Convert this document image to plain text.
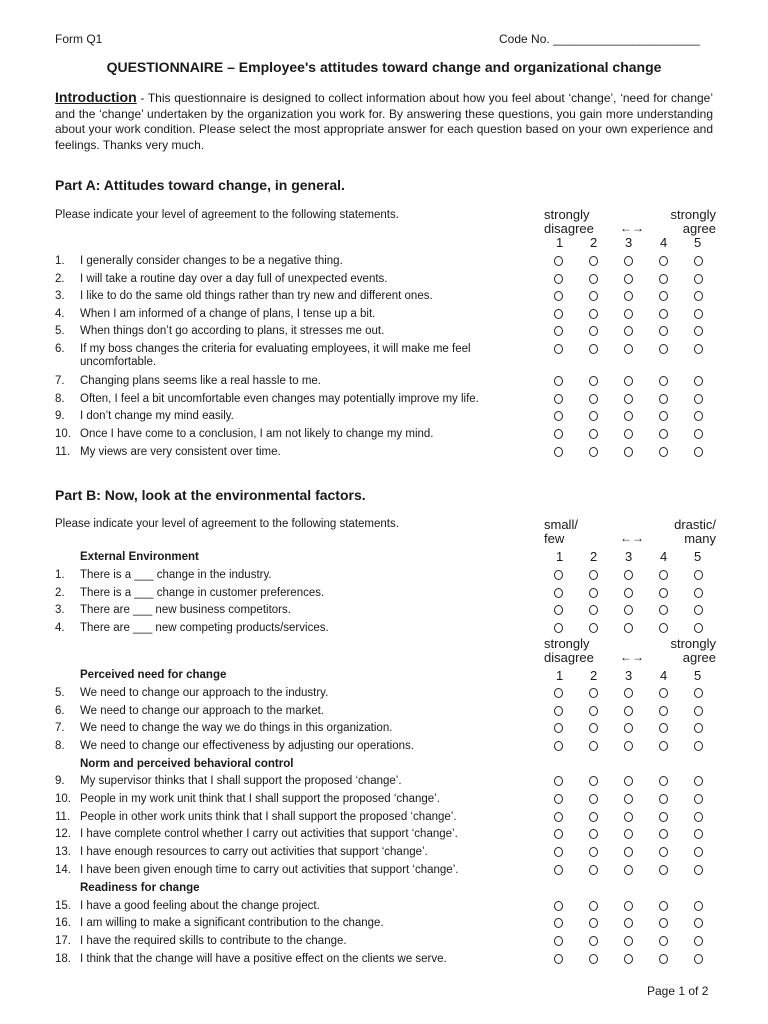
Form Q1	Code No. ______________________
QUESTIONNAIRE – Employee's attitudes toward change and organizational change
Introduction - This questionnaire is designed to collect information about how you feel about ‘change’, ‘need for change’ and the ‘change’ undertaken by the organization you work for. By answering these questions, you gain more understanding about your work condition. Please select the most appropriate answer for each question based on your own experience and feelings. Thanks very much.
Part A: Attitudes toward change, in general.
Please indicate your level of agreement to the following statements.	strongly
disagree ←→
strongly
agree
1 2 3 4 5
1. I generally consider changes to be a negative thing.
2. I will take a routine day over a day full of unexpected events.
3. I like to do the same old things rather than try new and different ones.
4. When I am informed of a change of plans, I tense up a bit.
5. When things don’t go according to plans, it stresses me out.
6. If my boss changes the criteria for evaluating employees, it will make me feel uncomfortable.
7. Changing plans seems like a real hassle to me.
8. Often, I feel a bit uncomfortable even changes may potentially improve my life.
9. I don’t change my mind easily.
10. Once I have come to a conclusion, I am not likely to change my mind.
11. My views are very consistent over time.
small/
few	←→
drastic/
many
1 2 3 4 5
External Environment
1. There is a ___ change in the industry.
2. There is a ___ change in customer preferences.
3. There are ___ new business competitors.
4. There are ___ new competing products/services.
strongly
disagree ←→
strongly
agree
1 2 3 4 5
Perceived need for change
5. We need to change our approach to the industry.
6. We need to change our approach to the market.
7. We need to change the way we do things in this organization.
8. We need to change our effectiveness by adjusting our operations.
Norm and perceived behavioral control
9. My supervisor thinks that I shall support the proposed ‘change’.
10. People in my work unit think that I shall support the proposed ‘change’.
11. People in other work units think that I shall support the proposed ‘change’.
12. I have complete control whether I carry out activities that support ‘change’.
13. I have enough resources to carry out activities that support ‘change’.
14. I have been given enough time to carry out activities that support ‘change’.
Readiness for change
15. I have a good feeling about the change project.
16. I am willing to make a significant contribution to the change.
17. I have the required skills to contribute to the change.
18. I think that the change will have a positive effect on the clients we serve.
Part B: Now, look at the environmental factors.
Please indicate your level of agreement to the following statements.
Page 1 of 2
